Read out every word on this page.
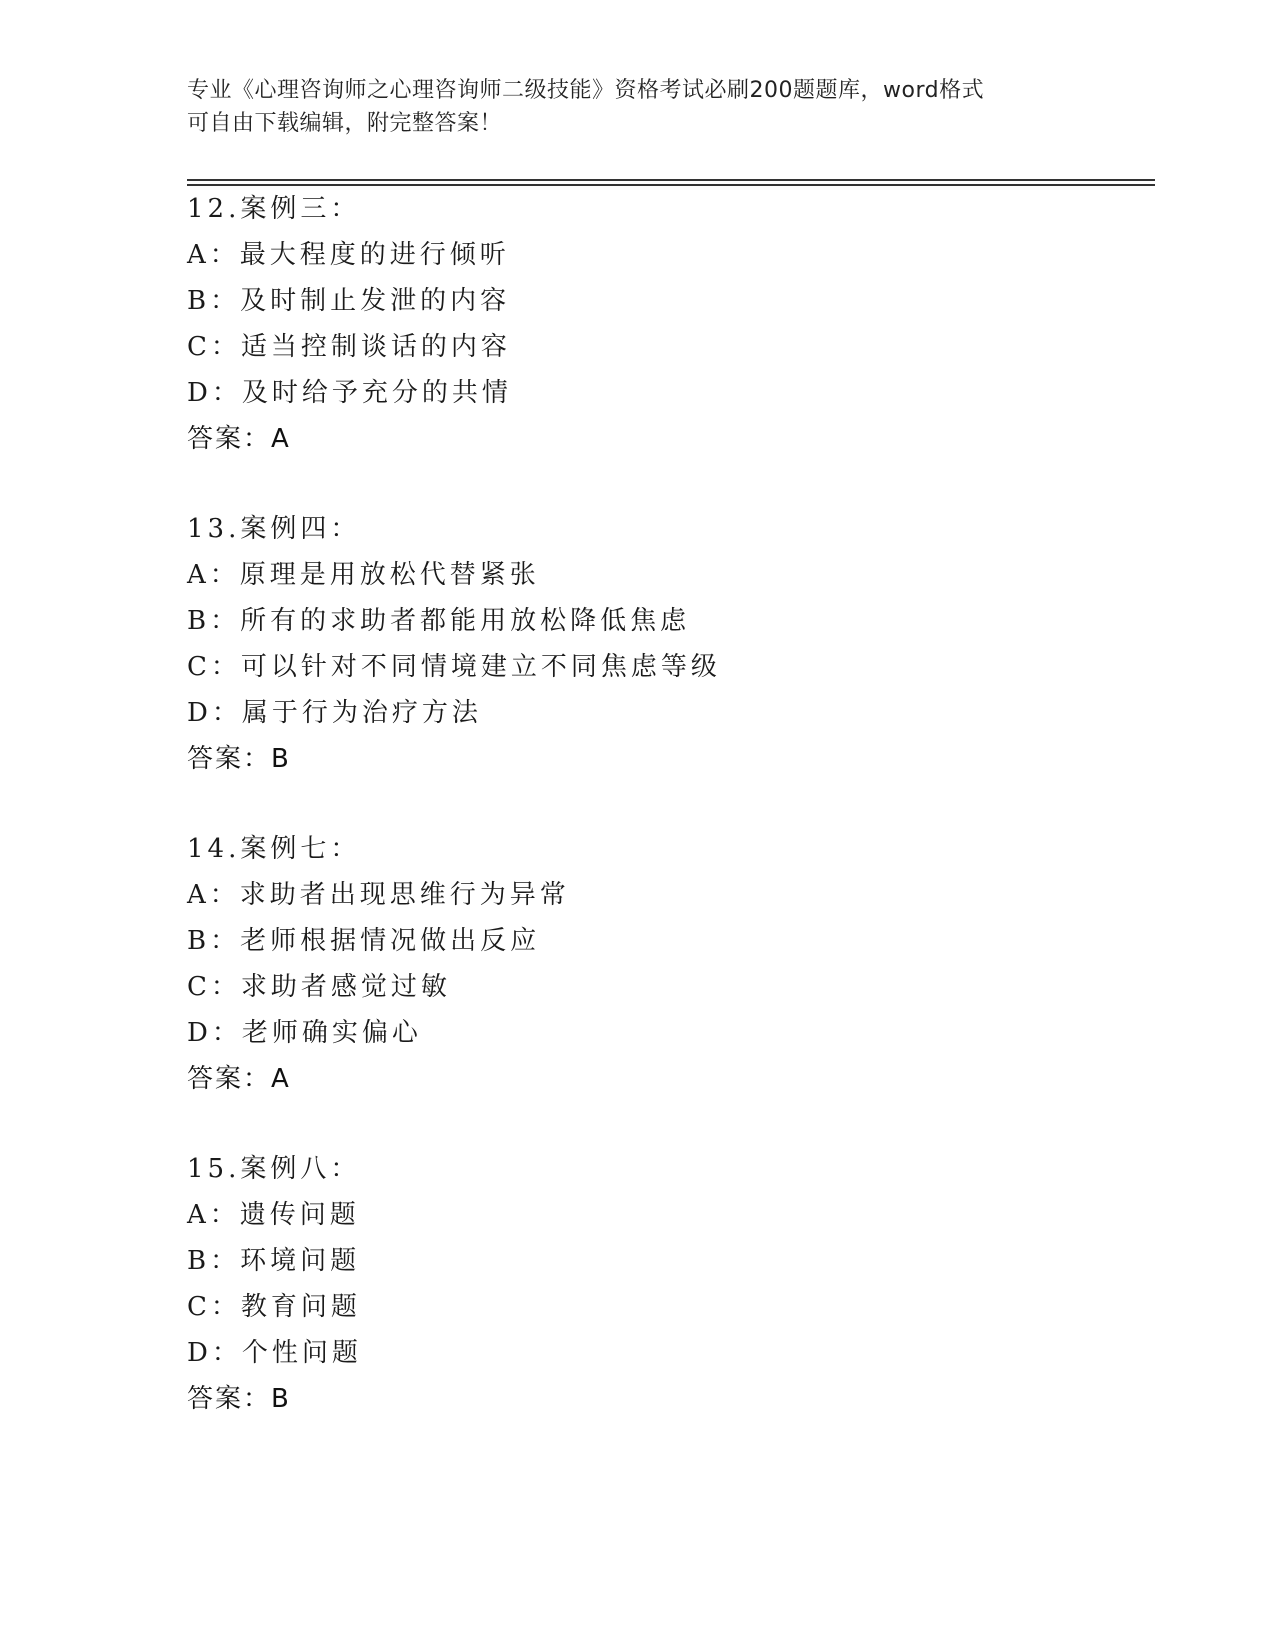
专业《心理咨询师之心理咨询师二级技能》资格考试必刷200题题库，word格式
可自由下载编辑，附完整答案！
12.案例三：
A：最大程度的进行倾听
B：及时制止发泄的内容
C：适当控制谈话的内容
D：及时给予充分的共情
答案：A
13.案例四：
A：原理是用放松代替紧张
B：所有的求助者都能用放松降低焦虑
C：可以针对不同情境建立不同焦虑等级
D：属于行为治疗方法
答案：B
14.案例七：
A：求助者出现思维行为异常
B：老师根据情况做出反应
C：求助者感觉过敏
D：老师确实偏心
答案：A
15.案例八：
A：遗传问题
B：环境问题
C：教育问题
D：个性问题
答案：B
